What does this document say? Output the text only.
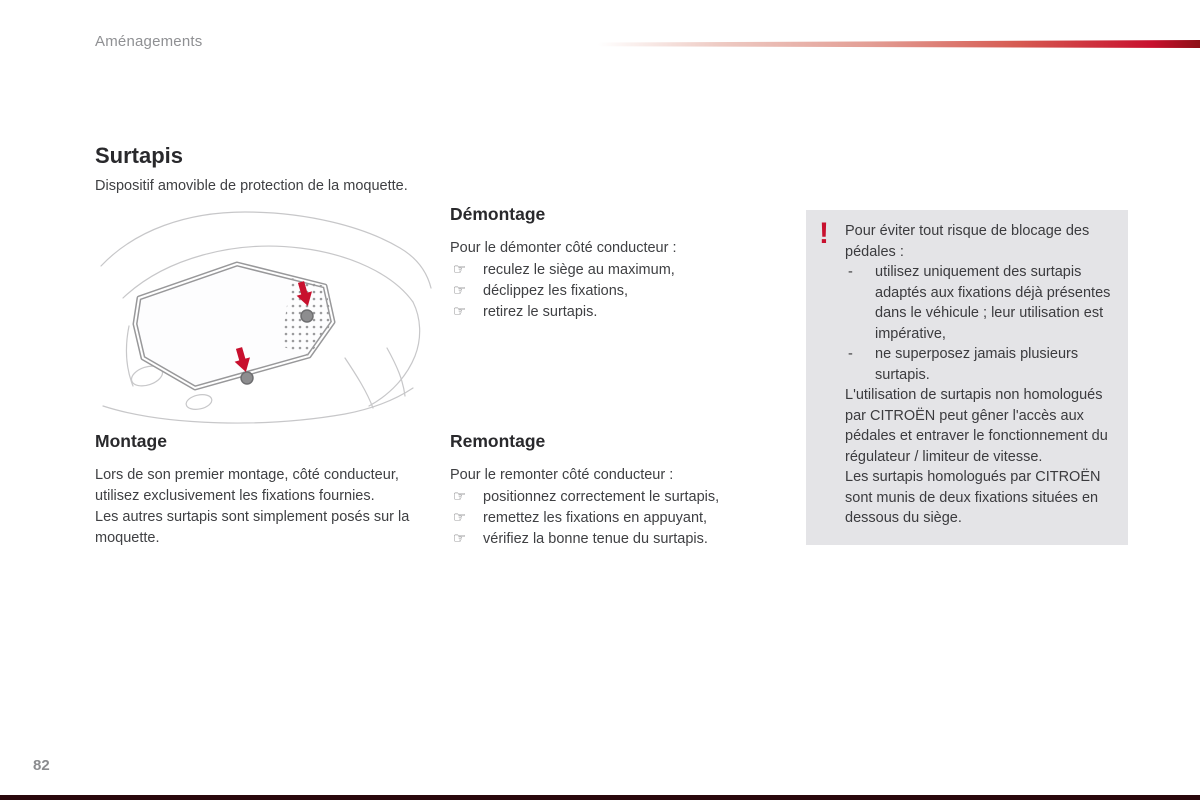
Aménagements
Surtapis

Dispositif amovible de protection de la moquette.

Démontage

Pour le démonter côté conducteur :

☞	reculez le siège au maximum,
☞	déclippez les fixations,
☞	retirez le surtapis.
Montage

Lors de son premier montage, côté conducteur, utilisez exclusivement les fixations fournies.

Les autres surtapis sont simplement posés sur la moquette.

Remontage

Pour le remonter côté conducteur :

☞	positionnez correctement le surtapis,
☞	remettez les fixations en appuyant,
☞	vérifiez la bonne tenue du surtapis.
! Pour éviter tout risque de blocage des pédales :

-	utilisez uniquement des surtapis adaptés aux fixations déjà présentes dans le véhicule ; leur utilisation est impérative,
-	ne superposez jamais plusieurs surtapis.

L'utilisation de surtapis non homologués par CITROËN peut gêner l'accès aux pédales et entraver le fonctionnement du régulateur / limiteur de vitesse.

Les surtapis homologués par CITROËN sont munis de deux fixations situées en dessous du siège.

82
